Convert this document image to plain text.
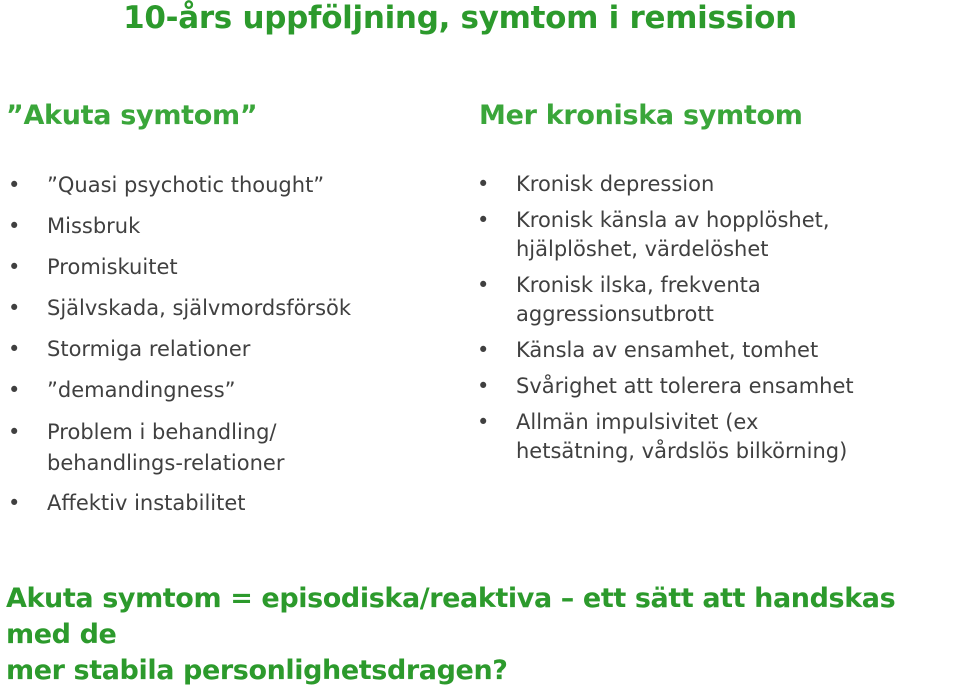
10-års uppföljning, symtom i remission
”Akuta symtom”	Mer kroniska symtom
• ”Quasi psychotic thought”
• Missbruk
• Promiskuitet
• Självskada, självmordsförsök
• Stormiga relationer
• ”demandingness”
• Problem i behandling/
behandlings-relationer
• Affektiv instabilitet
• Kronisk depression
• Kronisk känsla av hopplöshet,
hjälplöshet, värdelöshet
• Kronisk ilska, frekventa
aggressionsutbrott
• Känsla av ensamhet, tomhet
• Svårighet att tolerera ensamhet
• Allmän impulsivitet (ex
hetsätning, vårdslös bilkörning)
Akuta symtom = episodiska/reaktiva – ett sätt att handskas med de
mer stabila personlighetsdragen?
